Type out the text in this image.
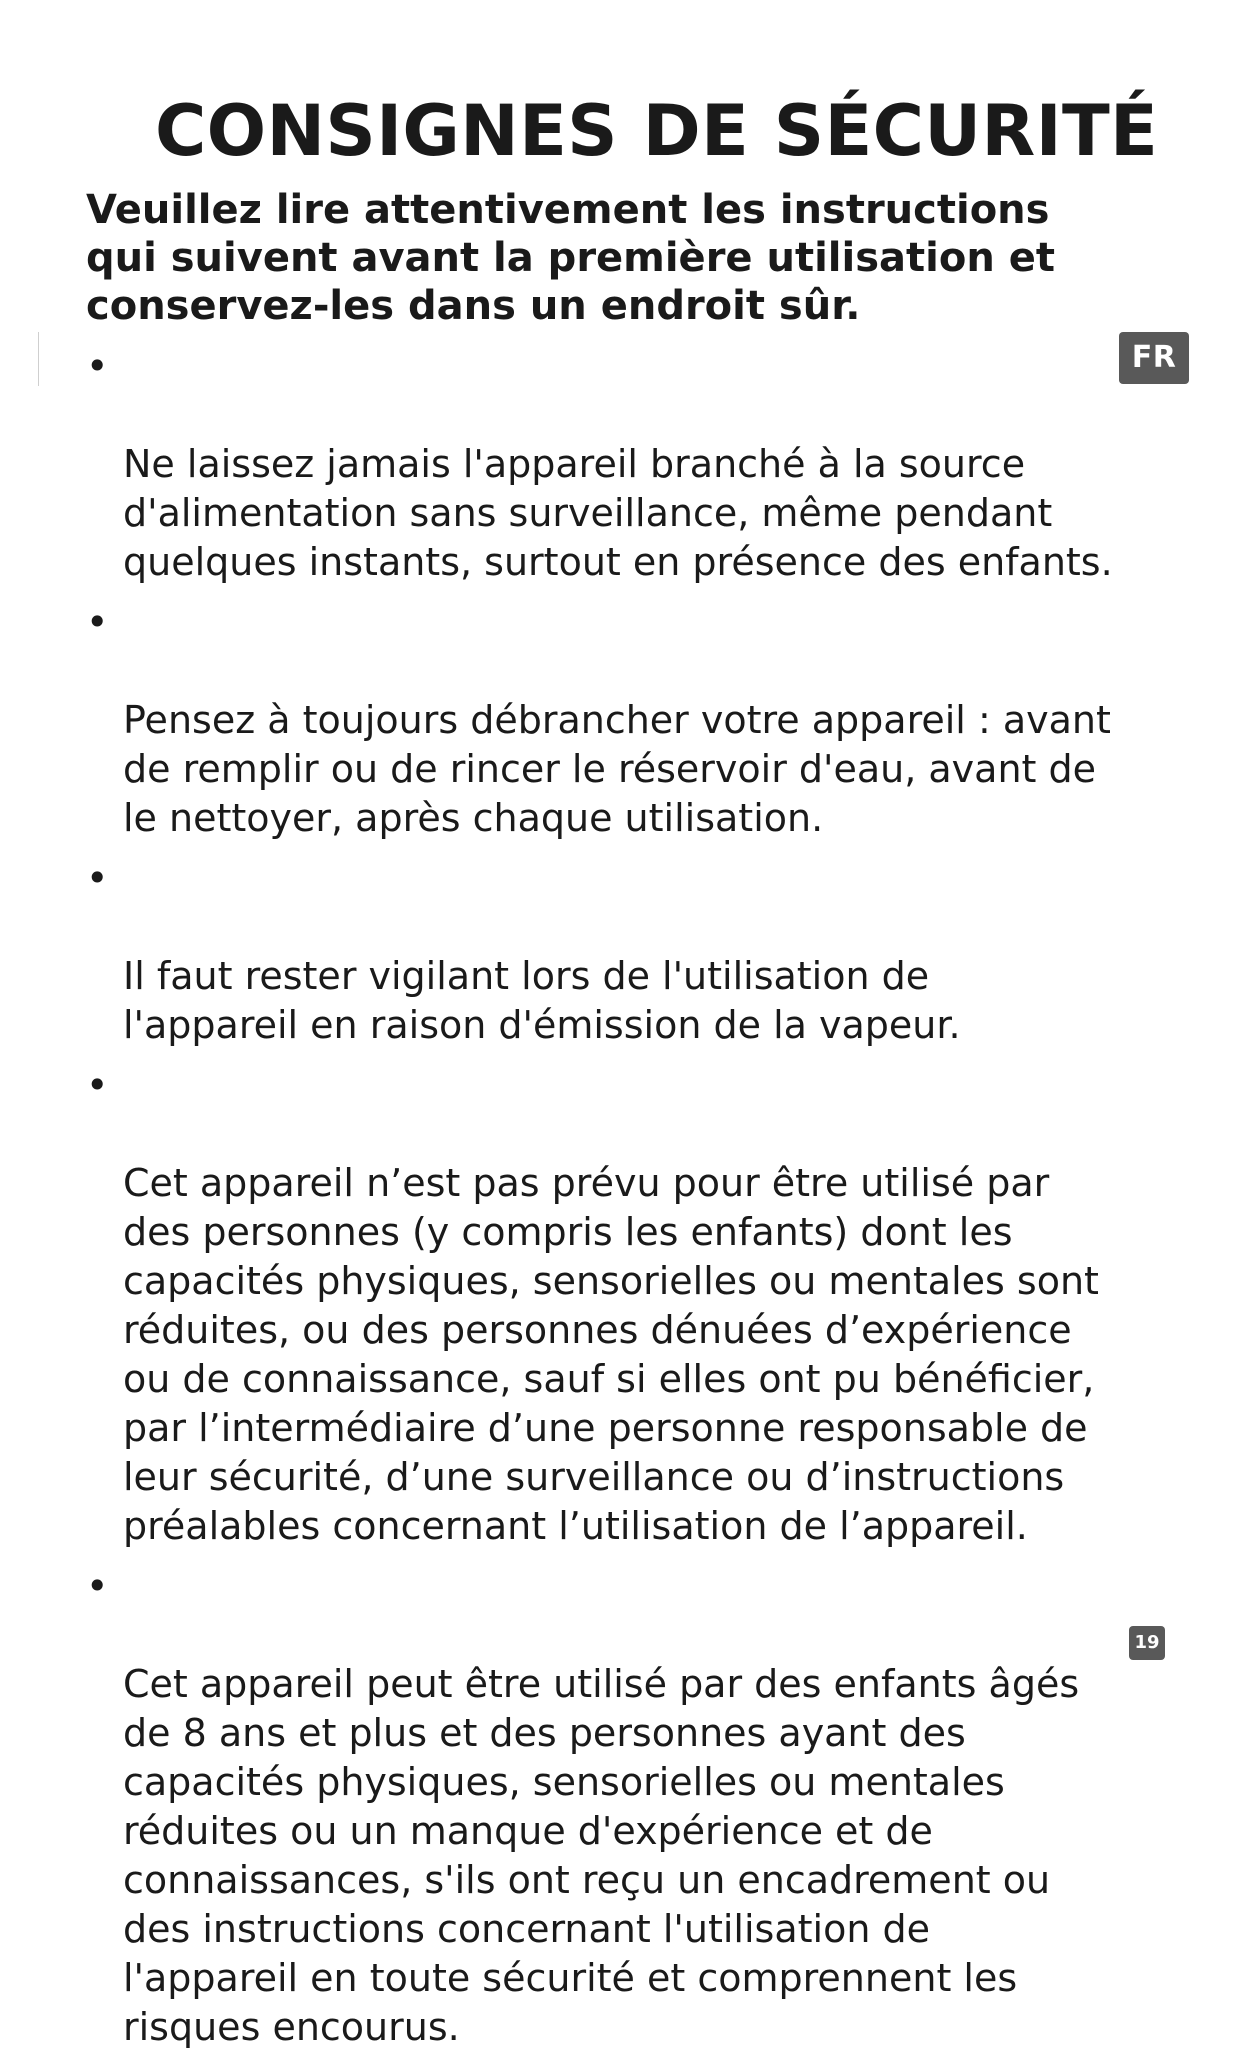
CONSIGNES DE SÉCURITÉ

Veuillez lire attentivement les instructions qui suivent avant la première utilisation et conservez-les dans un endroit sûr.

FR

•

Ne laissez jamais l'appareil branché à la source
d'alimentation sans surveillance, même pendant
quelques instants, surtout en présence des enfants.

•

Pensez à toujours débrancher votre appareil : avant
de remplir ou de rincer le réservoir d'eau, avant de
le nettoyer, après chaque utilisation.

•

Il faut rester vigilant lors de l'utilisation de
l'appareil en raison d'émission de la vapeur.

•

Cet appareil n’est pas prévu pour être utilisé par
des personnes (y compris les enfants) dont les
capacités physiques, sensorielles ou mentales sont
réduites, ou des personnes dénuées d’expérience
ou de connaissance, sauf si elles ont pu bénéficier,
par l’intermédiaire d’une personne responsable de
leur sécurité, d’une surveillance ou d’instructions
préalables concernant l’utilisation de l’appareil.

•

Cet appareil peut être utilisé par des enfants âgés
de 8 ans et plus et des personnes ayant des
capacités physiques, sensorielles ou mentales
réduites ou un manque d'expérience et de
connaissances, s'ils ont reçu un encadrement ou
des instructions concernant l'utilisation de
l'appareil en toute sécurité et comprennent les
risques encourus.

19
